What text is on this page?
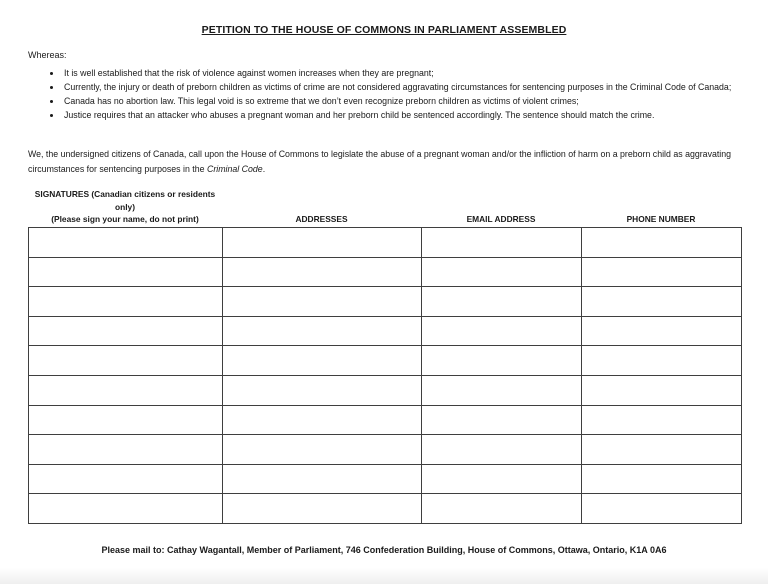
PETITION TO THE HOUSE OF COMMONS IN PARLIAMENT ASSEMBLED
Whereas:
• It is well established that the risk of violence against women increases when they are pregnant;
• Currently, the injury or death of preborn children as victims of crime are not considered aggravating circumstances for sentencing purposes in the Criminal Code of Canada;
• Canada has no abortion law. This legal void is so extreme that we don’t even recognize preborn children as victims of violent crimes;
• Justice requires that an attacker who abuses a pregnant woman and her preborn child be sentenced accordingly. The sentence should match the crime.
We, the undersigned citizens of Canada, call upon the House of Commons to legislate the abuse of a pregnant woman and/or the infliction of harm on a preborn child as aggravating circumstances for sentencing purposes in the Criminal Code.
SIGNATURES (Canadian citizens or residents
only)
(Please sign your name, do not print)	ADDRESSES	EMAIL ADDRESS	PHONE NUMBER

Please mail to: Cathay Wagantall, Member of Parliament, 746 Confederation Building, House of Commons, Ottawa, Ontario, K1A 0A6
